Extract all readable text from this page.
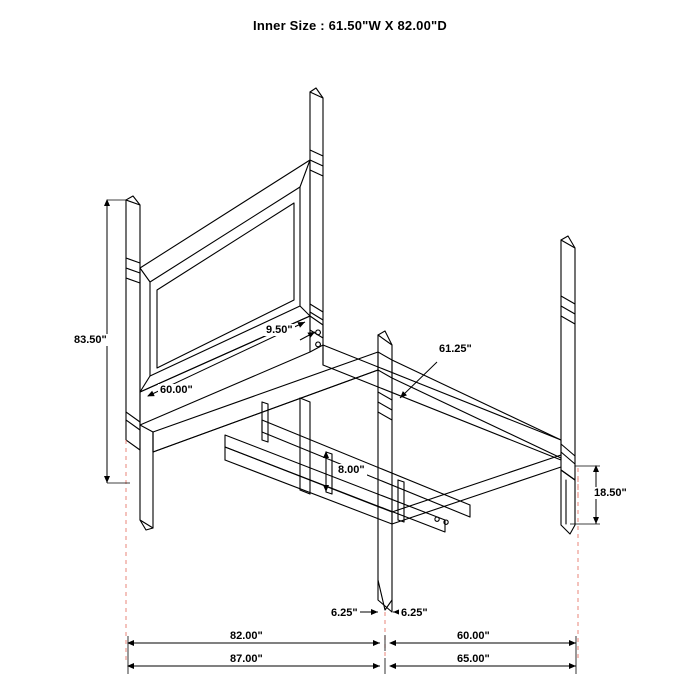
Inner Size : 61.50"W X 82.00"D
83.50"
60.00"
9.50"
61.25"
8.00"
18.50"
6.25"	6.25"
82.00"	60.00"
87.00"	65.00"
